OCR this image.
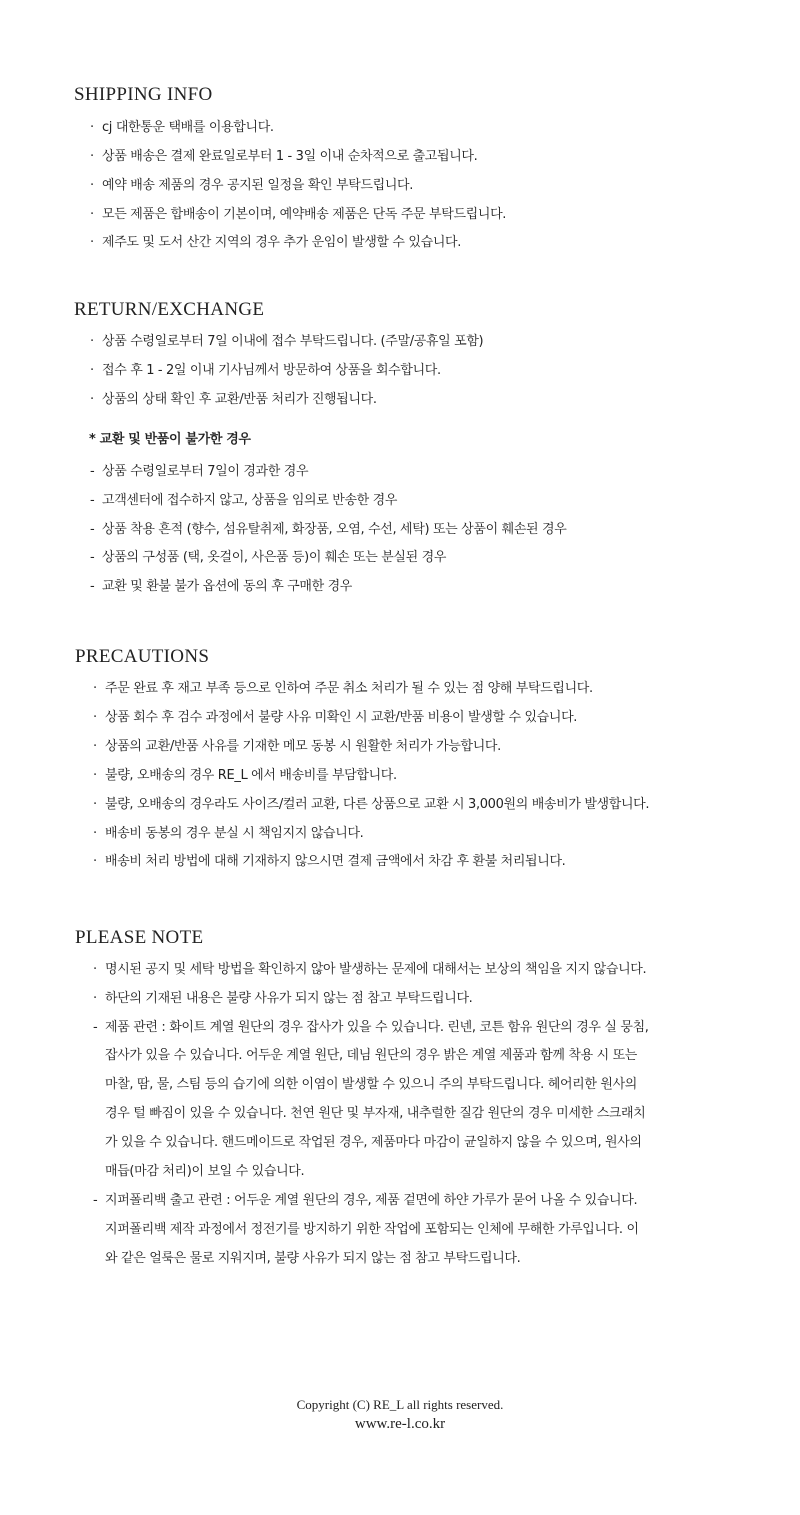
SHIPPING INFO
· cj 대한통운 택배를 이용합니다.
· 상품 배송은 결제 완료일로부터 1 - 3일 이내 순차적으로 출고됩니다.
· 예약 배송 제품의 경우 공지된 일정을 확인 부탁드립니다.
· 모든 제품은 합배송이 기본이며, 예약배송 제품은 단독 주문 부탁드립니다.
· 제주도 및 도서 산간 지역의 경우 추가 운임이 발생할 수 있습니다.
RETURN/EXCHANGE
· 상품 수령일로부터 7일 이내에 접수 부탁드립니다. (주말/공휴일 포함)
· 접수 후 1 - 2일 이내 기사님께서 방문하여 상품을 회수합니다.
· 상품의 상태 확인 후 교환/반품 처리가 진행됩니다.
* 교환 및 반품이 불가한 경우
- 상품 수령일로부터 7일이 경과한 경우
- 고객센터에 접수하지 않고, 상품을 임의로 반송한 경우
- 상품 착용 흔적 (향수, 섬유탈취제, 화장품, 오염, 수선, 세탁) 또는 상품이 훼손된 경우
- 상품의 구성품 (택, 옷걸이, 사은품 등)이 훼손 또는 분실된 경우
- 교환 및 환불 불가 옵션에 동의 후 구매한 경우
PRECAUTIONS
· 주문 완료 후 재고 부족 등으로 인하여 주문 취소 처리가 될 수 있는 점 양해 부탁드립니다.
· 상품 회수 후 검수 과정에서 불량 사유 미확인 시 교환/반품 비용이 발생할 수 있습니다.
· 상품의 교환/반품 사유를 기재한 메모 동봉 시 원활한 처리가 가능합니다.
· 불량, 오배송의 경우 RE_L 에서 배송비를 부담합니다.
· 불량, 오배송의 경우라도 사이즈/컬러 교환, 다른 상품으로 교환 시 3,000원의 배송비가 발생합니다.
· 배송비 동봉의 경우 분실 시 책임지지 않습니다.
· 배송비 처리 방법에 대해 기재하지 않으시면 결제 금액에서 차감 후 환불 처리됩니다.
PLEASE NOTE
· 명시된 공지 및 세탁 방법을 확인하지 않아 발생하는 문제에 대해서는 보상의 책임을 지지 않습니다.
· 하단의 기재된 내용은 불량 사유가 되지 않는 점 참고 부탁드립니다.
- 제품 관련 : 화이트 계열 원단의 경우 잡사가 있을 수 있습니다. 린넨, 코튼 함유 원단의 경우 실 뭉침,
잡사가 있을 수 있습니다. 어두운 계열 원단, 데님 원단의 경우 밝은 계열 제품과 함께 착용 시 또는
마찰, 땀, 물, 스팀 등의 습기에 의한 이염이 발생할 수 있으니 주의 부탁드립니다. 헤어리한 원사의
경우 털 빠짐이 있을 수 있습니다. 천연 원단 및 부자재, 내추럴한 질감 원단의 경우 미세한 스크래치
가 있을 수 있습니다. 핸드메이드로 작업된 경우, 제품마다 마감이 균일하지 않을 수 있으며, 원사의
매듭(마감 처리)이 보일 수 있습니다.
- 지퍼폴리백 출고 관련 : 어두운 계열 원단의 경우, 제품 겉면에 하얀 가루가 묻어 나올 수 있습니다.
지퍼폴리백 제작 과정에서 정전기를 방지하기 위한 작업에 포함되는 인체에 무해한 가루입니다. 이
와 같은 얼룩은 물로 지워지며, 불량 사유가 되지 않는 점 참고 부탁드립니다.
Copyright (C) RE_L all rights reserved.
www.re-l.co.kr
